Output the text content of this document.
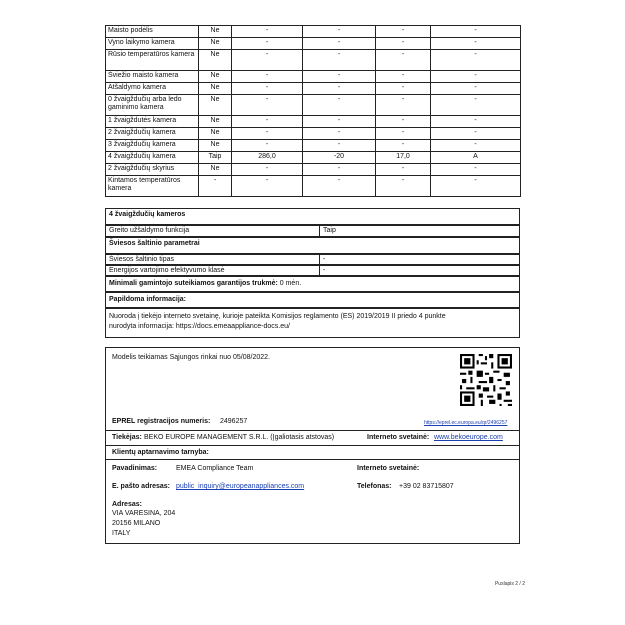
Maisto podėlis	Ne	-	-	-	-
Vyno laikymo kamera	Ne	-	-	-	-
Rūsio temperatūros kamera	Ne	-	-	-	-
Šviežio maisto kamera	Ne	-	-	-	-
Atšaldymo kamera	Ne	-	-	-	-
0 žvaigždučių arba ledo gaminimo kamera	Ne	-	-	-	-
1 žvaigždutės kamera	Ne	-	-	-	-
2 žvaigždučių kamera	Ne	-	-	-	-
3 žvaigždučių kamera	Ne	-	-	-	-
4 žvaigždučių kamera	Taip	286,0	-20	17,0	A
2 žvaigždučių skyrius	Ne	-	-	-	-
Kintamos temperatūros kamera	-	-	-	-	-
4 žvaigždučių kameros
Greito užšaldymo funkcija	Taip
Šviesos šaltinio parametrai
Šviesos šaltinio tipas	-
Energijos vartojimo efektyvumo klasė	-
Minimali gamintojo suteikiamos garantijos trukmė: 0 mėn.
Papildoma informacija:
Nuoroda į tiekėjo interneto svetainę, kurioje pateikta Komisijos reglamento (ES) 2019/2019 II priedo 4 punkte
nurodyta informacija: https://docs.emeaappliance-docs.eu/
Modelis teikiamas Sąjungos rinkai nuo 05/08/2022.
EPREL registracijos numeris: 2496257	https://eprel.ec.europa.eu/qr/2496257
Tiekėjas: BEKO EUROPE MANAGEMENT S.R.L. (Įgaliotasis atstovas)	Interneto svetainė: www.bekoeurope.com
Klientų aptarnavimo tarnyba:
Pavadinimas:	EMEA Compliance Team	Interneto svetainė:
E. pašto adresas: public_inquiry@europeanappliances.com	Telefonas: +39 02 83715807
Adresas:
VIA VARESINA, 204
20156 MILANO
ITALY
Puslapis 2 / 2
